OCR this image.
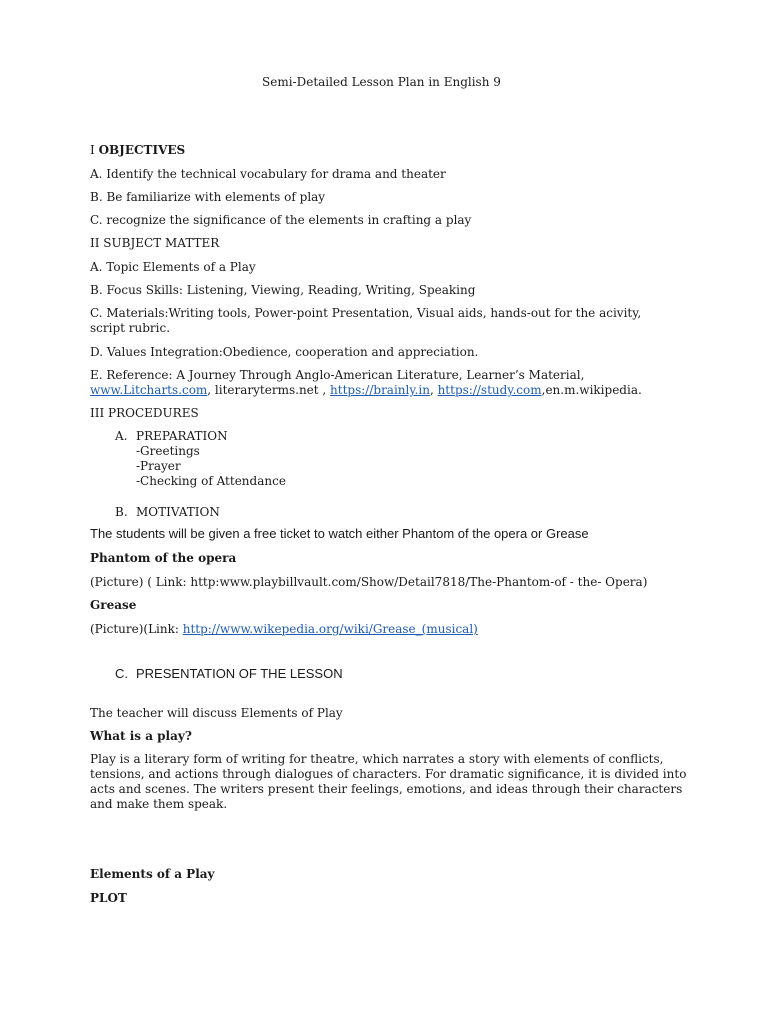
Semi-Detailed Lesson Plan in English 9
I OBJECTIVES
A. Identify the technical vocabulary for drama and theater
B. Be familiarize with elements of play
C. recognize the significance of the elements in crafting a play
II SUBJECT MATTER
A. Topic Elements of a Play
B. Focus Skills: Listening, Viewing, Reading, Writing, Speaking
C. Materials:Writing tools, Power-point Presentation, Visual aids, hands-out for the acivity,
script rubric.
D. Values Integration:Obedience, cooperation and appreciation.
E. Reference: A Journey Through Anglo-American Literature, Learner’s Material,
www.Litcharts.com, literaryterms.net , https://brainly.in, https://study.com,en.m.wikipedia.
III PROCEDURES
A. PREPARATION
-Greetings
-Prayer
-Checking of Attendance
B. MOTIVATION
The students will be given a free ticket to watch either Phantom of the opera or Grease
Phantom of the opera
(Picture) ( Link: http:www.playbillvault.com/Show/Detail7818/The-Phantom-of - the- Opera)
Grease
(Picture)(Link: http://www.wikepedia.org/wiki/Grease_(musical)
C. PRESENTATION OF THE LESSON
The teacher will discuss Elements of Play
What is a play?
Play is a literary form of writing for theatre, which narrates a story with elements of conflicts,
tensions, and actions through dialogues of characters. For dramatic significance, it is divided into
acts and scenes. The writers present their feelings, emotions, and ideas through their characters
and make them speak.
Elements of a Play
PLOT
